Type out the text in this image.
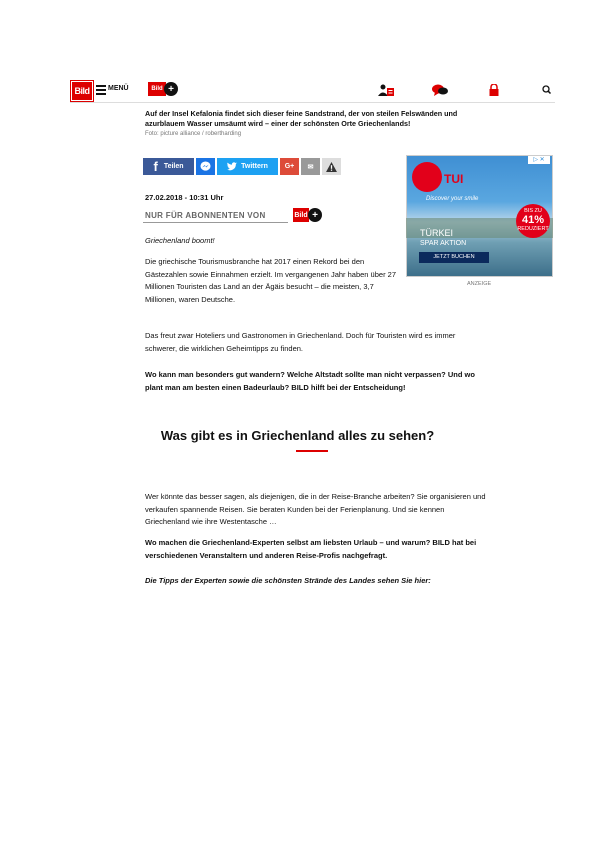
Bild	MENÜ	Bild +
Auf der Insel Kefalonia findet sich dieser feine Sandstrand, der von steilen Felswänden und azurblauem Wasser umsäumt wird – einer der schönsten Orte Griechenlands!
Foto: picture alliance / robertharding
f Teilen	Twittern	G+	✉
27.02.2018 - 10:31 Uhr
NUR FÜR ABONNENTEN VON	Bild +
Griechenland boomt!
Die griechische Tourismusbranche hat 2017 einen Rekord bei den Gästezahlen sowie Einnahmen erzielt. Im vergangenen Jahr haben über 27 Millionen Touristen das Land an der Ägäis besucht – die meisten, 3,7 Millionen, waren Deutsche.
Das freut zwar Hoteliers und Gastronomen in Griechenland. Doch für Touristen wird es immer schwerer, die wirklichen Geheimtipps zu finden.
Wo kann man besonders gut wandern? Welche Altstadt sollte man nicht verpassen? Und wo plant man am besten einen Badeurlaub? BILD hilft bei der Entscheidung!
▷ ✕
TUI
Discover your smile
BIS ZU
41%
REDUZIERT
TÜRKEI
SPAR AKTION
JETZT BUCHEN
ANZEIGE
Was gibt es in Griechenland alles zu sehen?
Wer könnte das besser sagen, als diejenigen, die in der Reise-Branche arbeiten? Sie organisieren und verkaufen spannende Reisen. Sie beraten Kunden bei der Ferienplanung. Und sie kennen Griechenland wie ihre Westentasche …
Wo machen die Griechenland-Experten selbst am liebsten Urlaub – und warum? BILD hat bei verschiedenen Veranstaltern und anderen Reise-Profis nachgefragt.
Die Tipps der Experten sowie die schönsten Strände des Landes sehen Sie hier:
